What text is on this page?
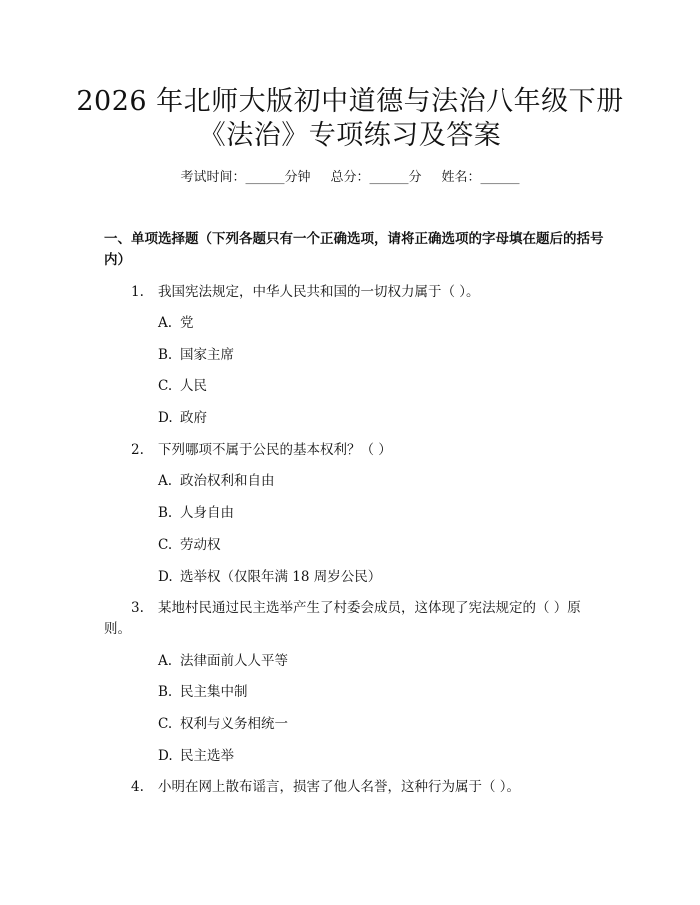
2026 年北师大版初中道德与法治八年级下册
《法治》专项练习及答案
考试时间：______分钟 总分：______分 姓名：______
一、单项选择题（下列各题只有一个正确选项，请将正确选项的字母填在题后的括号内）
1. 我国宪法规定，中华人民共和国的一切权力属于（ ）。
A. 党
B. 国家主席
C. 人民
D. 政府
2. 下列哪项不属于公民的基本权利？（ ）
A. 政治权利和自由
B. 人身自由
C. 劳动权
D. 选举权（仅限年满 18 周岁公民）
3. 某地村民通过民主选举产生了村委会成员，这体现了宪法规定的（ ）原则。
A. 法律面前人人平等
B. 民主集中制
C. 权利与义务相统一
D. 民主选举
4. 小明在网上散布谣言，损害了他人名誉，这种行为属于（ ）。
